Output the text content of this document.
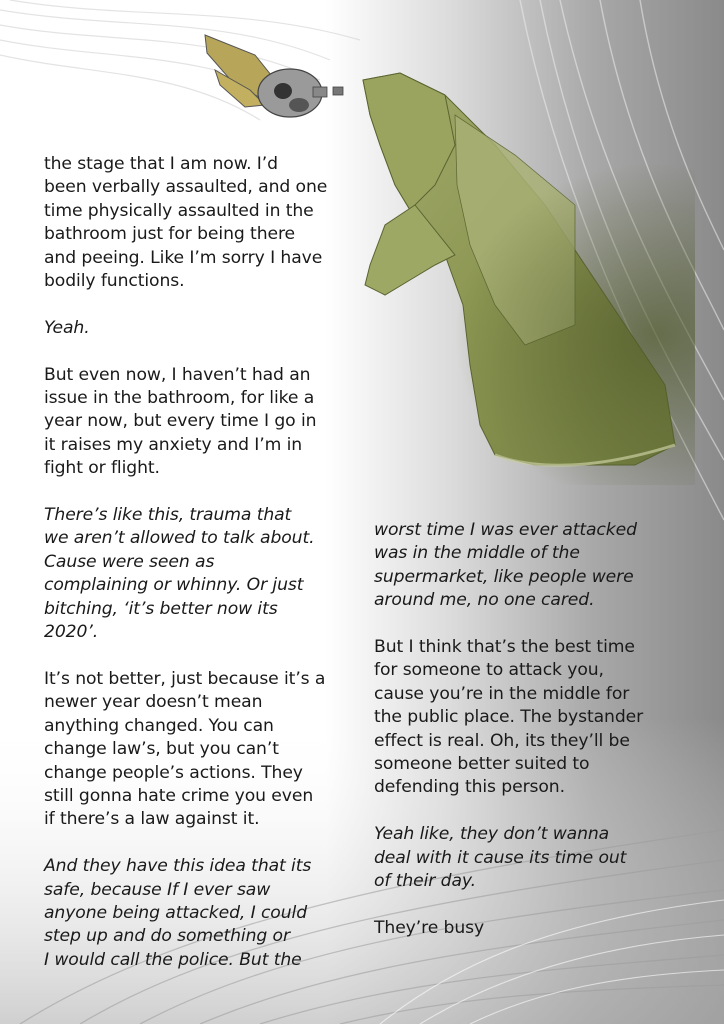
the stage that I am now. I’d
been verbally assaulted, and one
time physically assaulted in the
bathroom just for being there
and peeing. Like I’m sorry I have
bodily functions.

Yeah.

But even now, I haven’t had an
issue in the bathroom, for like a
year now, but every time I go in
it raises my anxiety and I’m in
fight or flight.

There’s like this, trauma that
we aren’t allowed to talk about.
Cause were seen as
complaining or whinny. Or just
bitching, ‘it’s better now its
2020’.

It’s not better, just because it’s a
newer year doesn’t mean
anything changed. You can
change law’s, but you can’t
change people’s actions. They
still gonna hate crime you even
if there’s a law against it.

And they have this idea that its
safe, because If I ever saw
anyone being attacked, I could
step up and do something or
I would call the police. But the

worst time I was ever attacked
was in the middle of the
supermarket, like people were
around me, no one cared.

But I think that’s the best time
for someone to attack you,
cause you’re in the middle for
the public place. The bystander
effect is real. Oh, its they’ll be
someone better suited to
defending this person.

Yeah like, they don’t wanna
deal with it cause its time out
of their day.

They’re busy
